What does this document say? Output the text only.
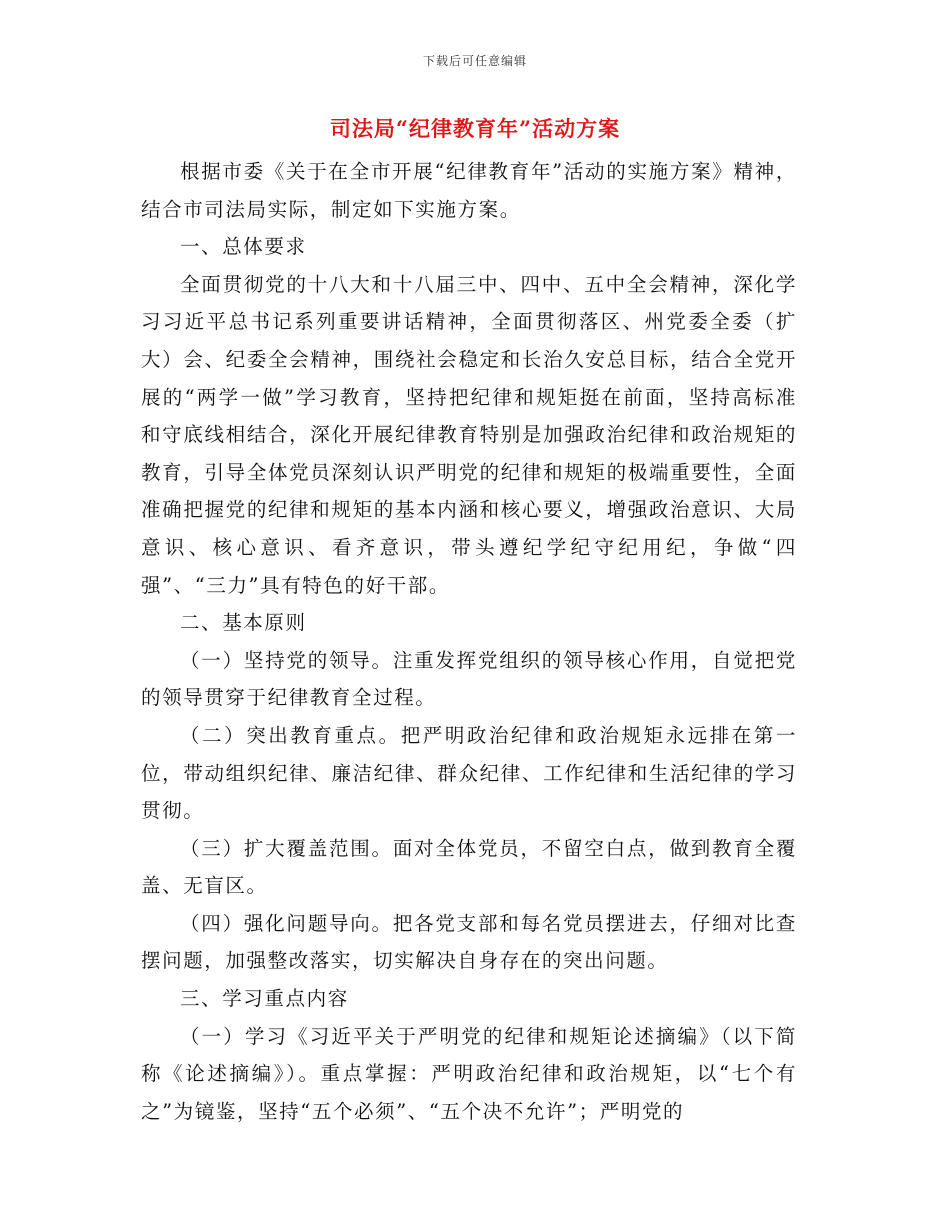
下载后可任意编辑
司法局“纪律教育年”活动方案

根据市委《关于在全市开展“纪律教育年”活动的实施方案》精神，结合市司法局实际，制定如下实施方案。

一、总体要求

全面贯彻党的十八大和十八届三中、四中、五中全会精神，深化学习习近平总书记系列重要讲话精神，全面贯彻落区、州党委全委（扩大）会、纪委全会精神，围绕社会稳定和长治久安总目标，结合全党开展的“两学一做”学习教育，坚持把纪律和规矩挺在前面，坚持高标准和守底线相结合，深化开展纪律教育特别是加强政治纪律和政治规矩的教育，引导全体党员深刻认识严明党的纪律和规矩的极端重要性，全面准确把握党的纪律和规矩的基本内涵和核心要义，增强政治意识、大局意识、核心意识、看齐意识，带头遵纪学纪守纪用纪，争做“四强”、“三力”具有特色的好干部。

二、基本原则

（一）坚持党的领导。注重发挥党组织的领导核心作用，自觉把党的领导贯穿于纪律教育全过程。

（二）突出教育重点。把严明政治纪律和政治规矩永远排在第一位，带动组织纪律、廉洁纪律、群众纪律、工作纪律和生活纪律的学习贯彻。

（三）扩大覆盖范围。面对全体党员，不留空白点，做到教育全覆盖、无盲区。

（四）强化问题导向。把各党支部和每名党员摆进去，仔细对比查摆问题，加强整改落实，切实解决自身存在的突出问题。

三、学习重点内容

（一）学习《习近平关于严明党的纪律和规矩论述摘编》（以下简称《论述摘编》）。重点掌握：严明政治纪律和政治规矩，以“七个有之”为镜鉴，坚持“五个必须”、“五个决不允许”；严明党的
